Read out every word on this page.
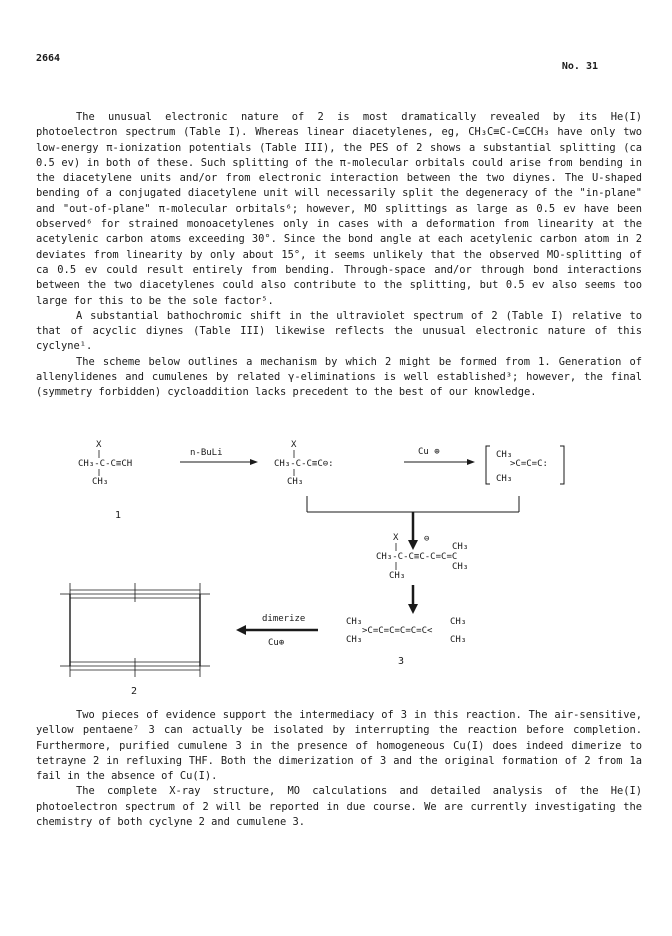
2664
No. 31

The unusual electronic nature of 2 is most dramatically revealed by its He(I) photoelectron spectrum (Table I). Whereas linear diacetylenes, eg, CH₃C≡C-C≡CCH₃ have only two low-energy π-ionization potentials (Table III), the PES of 2 shows a substantial splitting (ca 0.5 ev) in both of these. Such splitting of the π-molecular orbitals could arise from bending in the diacetylene units and/or from electronic interaction between the two diynes. The U-shaped bending of a conjugated diacetylene unit will necessarily split the degeneracy of the "in-plane" and "out-of-plane" π-molecular orbitals⁶; however, MO splittings as large as 0.5 ev have been observed⁶ for strained monoacetylenes only in cases with a deformation from linearity at the acetylenic carbon atoms exceeding 30°. Since the bond angle at each acetylenic carbon atom in 2 deviates from linearity by only about 15°, it seems unlikely that the observed MO-splitting of ca 0.5 ev could result entirely from bending. Through-space and/or through bond interactions between the two diacetylenes could also contribute to the splitting, but 0.5 ev also seems too large for this to be the sole factor⁵.

A substantial bathochromic shift in the ultraviolet spectrum of 2 (Table I) relative to that of acyclic diynes (Table III) likewise reflects the unusual electronic nature of this cyclyne¹.

The scheme below outlines a mechanism by which 2 might be formed from 1. Generation of allenylidenes and cumulenes by related γ-eliminations is well established³; however, the final (symmetry forbidden) cycloaddition lacks precedent to the best of our knowledge.

X
CH₃-C-C≡CH
CH₃
1
n-BuLi
X
CH₃-C-C≡C⊖:
CH₃
Cu ⊕	CH₃
>C=C=C:
CH₃
X	⊖
CH₃
CH₃-C-C≡C-C=C=C
CH₃
CH₃
CH₃
>C=C=C=C=C=C<
CH₃
CH₃
CH₃
3
dimerize
Cu⊕
2

Two pieces of evidence support the intermediacy of 3 in this reaction. The air-sensitive, yellow pentaene⁷ 3 can actually be isolated by interrupting the reaction before completion. Furthermore, purified cumulene 3 in the presence of homogeneous Cu(I) does indeed dimerize to tetrayne 2 in refluxing THF. Both the dimerization of 3 and the original formation of 2 from 1a fail in the absence of Cu(I).

The complete X-ray structure, MO calculations and detailed analysis of the He(I) photoelectron spectrum of 2 will be reported in due course. We are currently investigating the chemistry of both cyclyne 2 and cumulene 3.
